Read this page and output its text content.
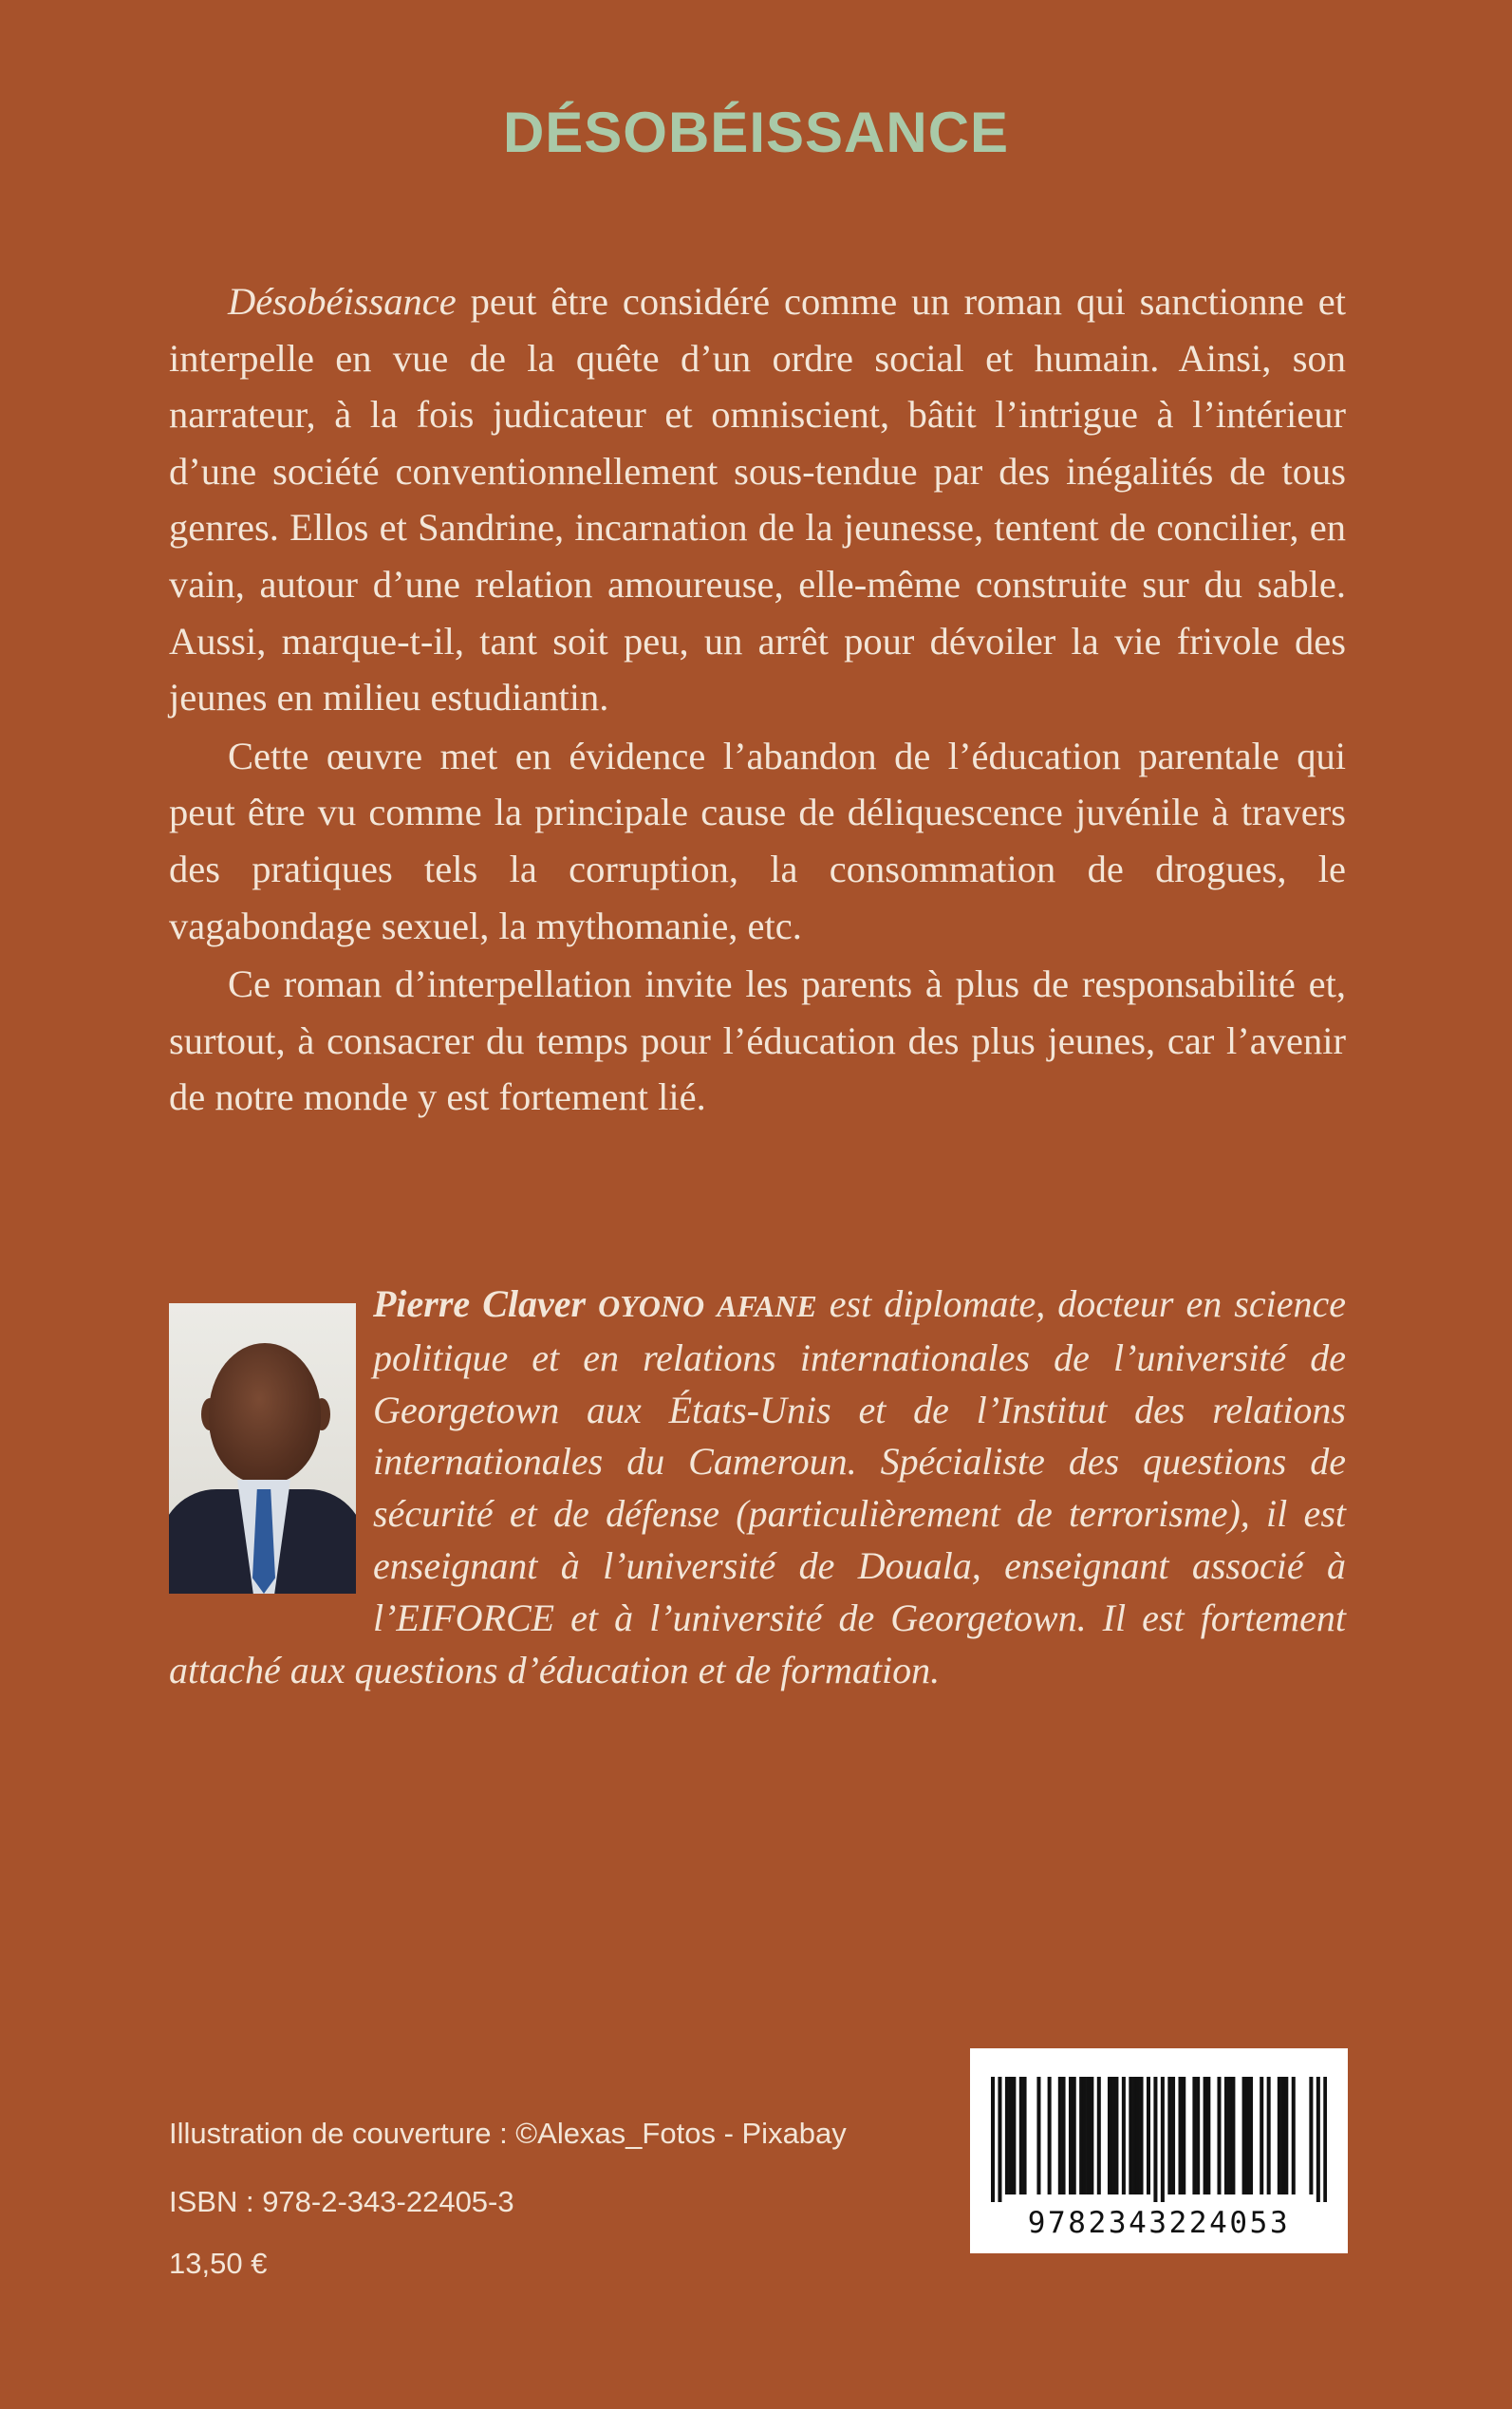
DÉSOBÉISSANCE

Désobéissance peut être considéré comme un roman qui sanctionne et interpelle en vue de la quête d’un ordre social et humain. Ainsi, son narrateur, à la fois judicateur et omniscient, bâtit l’intrigue à l’intérieur d’une société conventionnellement sous-tendue par des inégalités de tous genres. Ellos et Sandrine, incarnation de la jeunesse, tentent de concilier, en vain, autour d’une relation amoureuse, elle-même construite sur du sable. Aussi, marque-t-il, tant soit peu, un arrêt pour dévoiler la vie frivole des jeunes en milieu estudiantin.

Cette œuvre met en évidence l’abandon de l’éducation parentale qui peut être vu comme la principale cause de déliquescence juvénile à travers des pratiques tels la corruption, la consommation de drogues, le vagabondage sexuel, la mythomanie, etc.

Ce roman d’interpellation invite les parents à plus de responsabilité et, surtout, à consacrer du temps pour l’éducation des plus jeunes, car l’avenir de notre monde y est fortement lié.

Pierre Claver OYONO AFANE est diplomate, docteur en science politique et en relations internationales de l’université de Georgetown aux États-Unis et de l’Institut des relations internationales du Cameroun. Spécialiste des questions de sécurité et de défense (particulièrement de terrorisme), il est enseignant à l’université de Douala, enseignant associé à l’EIFORCE et à l’université de Georgetown. Il est fortement attaché aux questions d’éducation et de formation.
Illustration de couverture : ©Alexas_Fotos - Pixabay
ISBN : 978-2-343-22405-3
13,50 €
9782343224053
